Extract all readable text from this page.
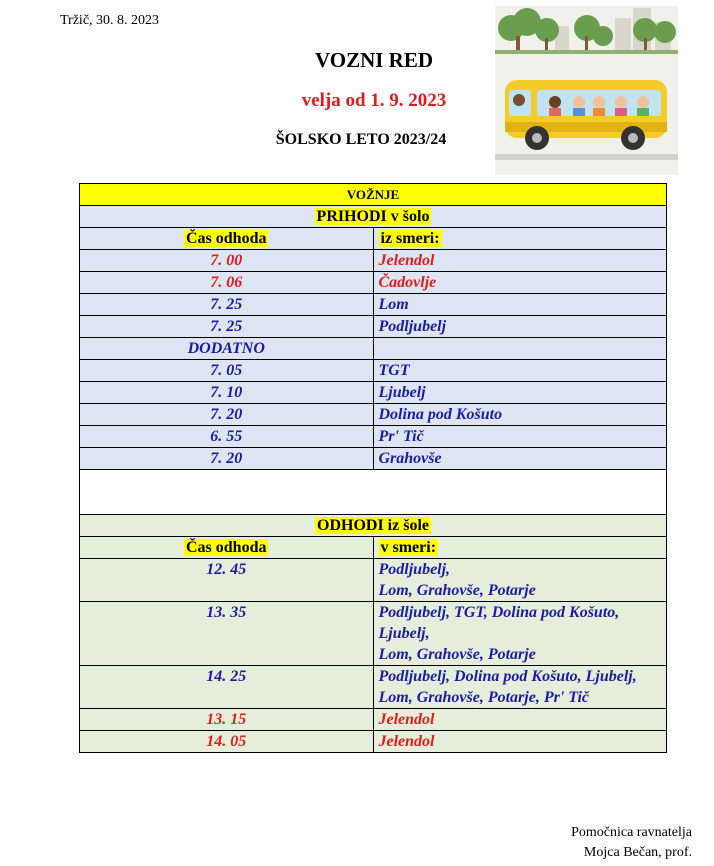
Tržič, 30. 8. 2023
VOZNI RED
velja od 1. 9. 2023
ŠOLSKO LETO 2023/24
VOŽNJE	
PRIHODI v šolo	
Čas odhoda	iz smeri:
7. 00	Jelendol
7. 06	Čadovlje
7. 25	Lom
7. 25	Podljubelj
DODATNO	
7. 05	TGT
7. 10	Ljubelj
7. 20	Dolina pod Košuto
6. 55	Pr' Tič
7. 20	Grahovše

ODHODI iz šole	
Čas odhoda	v smeri:
12. 45	Podljubelj,
Lom, Grahovše, Potarje

13. 35	Podljubelj, TGT, Dolina pod Košuto, Ljubelj,
Lom, Grahovše, Potarje

14. 25	Podljubelj, Dolina pod Košuto, Ljubelj,
Lom, Grahovše, Potarje, Pr' Tič

13. 15	Jelendol
14. 05	Jelendol
Pomočnica ravnatelja
Mojca Bečan, prof.
